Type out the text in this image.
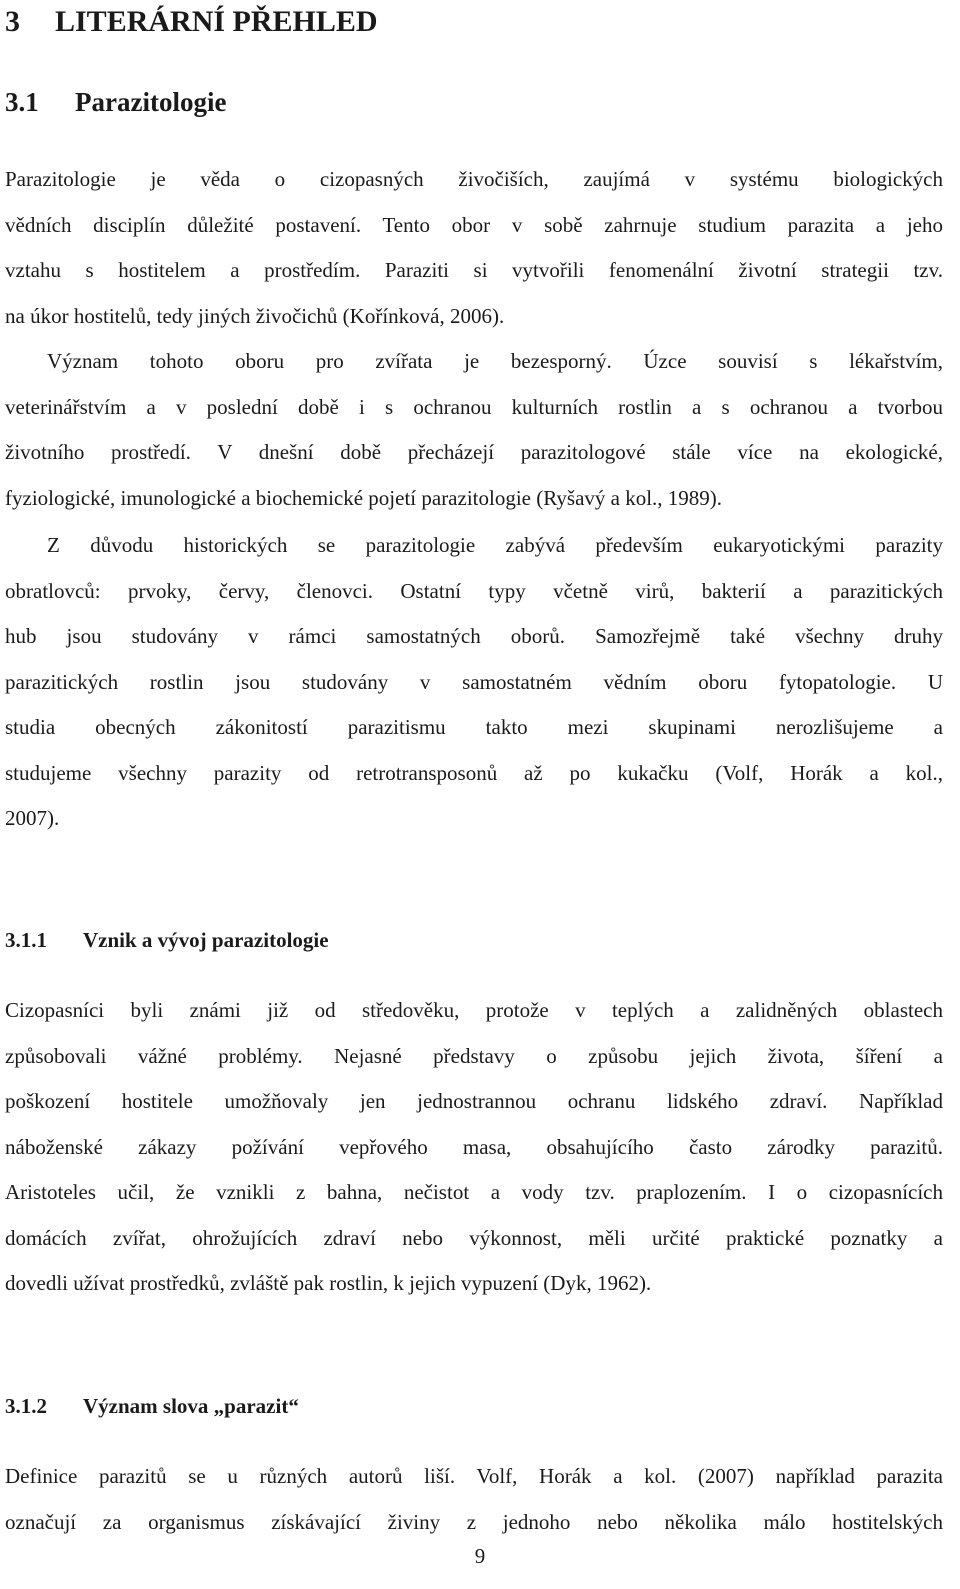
3 LITERÁRNÍ PŘEHLED
3.1 Parazitologie
Parazitologie je věda o cizopasných živočiších, zaujímá v systému biologických
vědních disciplín důležité postavení. Tento obor v sobě zahrnuje studium parazita a jeho
vztahu s hostitelem a prostředím. Paraziti si vytvořili fenomenální životní strategii tzv.
na úkor hostitelů, tedy jiných živočichů (Kořínková, 2006).
Význam tohoto oboru pro zvířata je bezesporný. Úzce souvisí s lékařstvím,
veterinářstvím a v poslední době i s ochranou kulturních rostlin a s ochranou a tvorbou
životního prostředí. V dnešní době přecházejí parazitologové stále více na ekologické,
fyziologické, imunologické a biochemické pojetí parazitologie (Ryšavý a kol., 1989).
Z důvodu historických se parazitologie zabývá především eukaryotickými parazity
obratlovců: prvoky, červy, členovci. Ostatní typy včetně virů, bakterií a parazitických
hub jsou studovány v rámci samostatných oborů. Samozřejmě také všechny druhy
parazitických rostlin jsou studovány v samostatném vědním oboru fytopatologie. U
studia obecných zákonitostí parazitismu takto mezi skupinami nerozlišujeme a
studujeme všechny parazity od retrotransposonů až po kukačku (Volf, Horák a kol.,
2007).
3.1.1 Vznik a vývoj parazitologie
Cizopasníci byli známi již od středověku, protože v teplých a zalidněných oblastech
způsobovali vážné problémy. Nejasné představy o způsobu jejich života, šíření a
poškození hostitele umožňovaly jen jednostrannou ochranu lidského zdraví. Například
náboženské zákazy požívání vepřového masa, obsahujícího často zárodky parazitů.
Aristoteles učil, že vznikli z bahna, nečistot a vody tzv. praplozením. I o cizopasnících
domácích zvířat, ohrožujících zdraví nebo výkonnost, měli určité praktické poznatky a
dovedli užívat prostředků, zvláště pak rostlin, k jejich vypuzení (Dyk, 1962).
3.1.2 Význam slova „parazit“
Definice parazitů se u různých autorů liší. Volf, Horák a kol. (2007) například parazita
označují za organismus získávající živiny z jednoho nebo několika málo hostitelských
9
